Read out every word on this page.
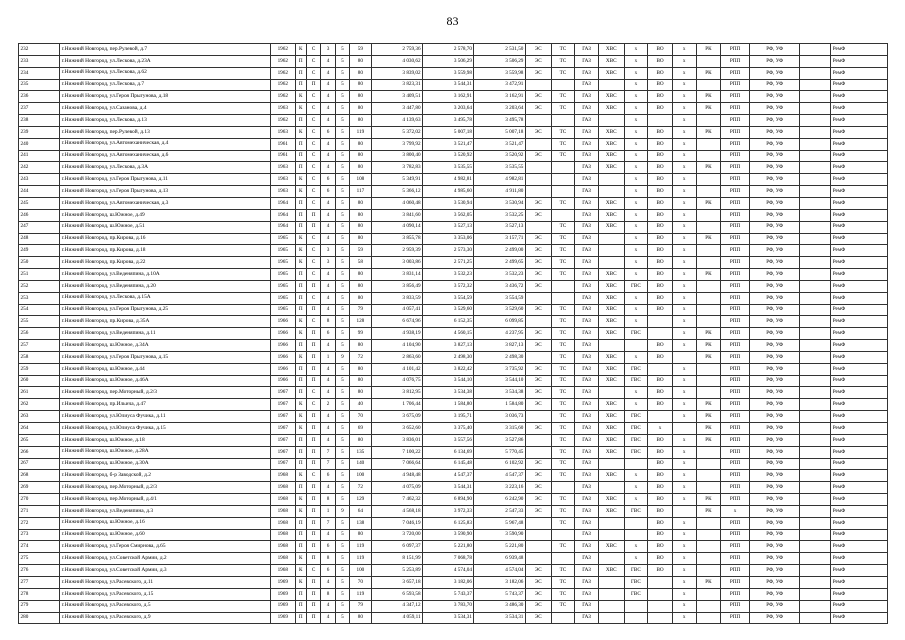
83
232	г.Нижний Новгород, пер.Рулевой, д.7	1962	К	С	3	5	59	2 759,36	2 578,70	2 531,50	ЭС	ТС	ГАЗ	ХВС	х	ВО	х	РК	РПП	РФ, УФ		РемФ
233	г.Нижний Новгород, ул.Лескова, д.23А	1962	П	С	4	5	80	4 030,62	3 506,29	3 506,29	ЭС	ТС	ГАЗ	ХВС	х	ВО	х		РПП	РФ, УФ		РемФ
234	г.Нижний Новгород, ул.Лескова, д.62	1962	П	С	4	5	80	3 839,02	3 559,98	3 559,98	ЭС	ТС	ГАЗ	ХВС	х	ВО	х	РК	РПП	РФ, УФ		РемФ
235	г.Нижний Новгород, ул.Лескова, д.7	1962	П	П	4	5	80	3 823,31	3 544,31	3 472,91			ГАЗ		х	ВО	х		РПП	РФ, УФ		РемФ
236	г.Нижний Новгород, ул.Героя Прыгунова, д.18	1962	К	С	4	5	80	3 409,51	3 162,91	3 162,91	ЭС	ТС	ГАЗ	ХВС	х	ВО	х	РК	РПП	РФ, УФ		РемФ
237	г.Нижний Новгород, ул.Сазанова, д.4	1963	К	С	4	5	80	3 447,80	3 203,64	3 203,64	ЭС	ТС	ГАЗ	ХВС	х	ВО	х	РК	РПП	РФ, УФ		РемФ
238	г.Нижний Новгород, ул.Лескова, д.13	1962	П	С	4	5	80	4 139,63	3 495,78	3 495,78			ГАЗ		х		х		РПП	РФ, УФ		РемФ
239	г.Нижний Новгород, пер.Рулевой, д.13	1963	К	С	6	5	119	5 372,02	5 007,18	5 007,18	ЭС	ТС	ГАЗ	ХВС	х	ВО	х	РК	РПП	РФ, УФ		РемФ
240	г.Нижний Новгород, ул.Автомеханическая, д.4	1961	П	С	4	5	80	3 799,92	3 521,47	3 521,47		ТС	ГАЗ	ХВС	х	ВО	х		РПП	РФ, УФ		РемФ
241	г.Нижний Новгород, ул.Автомеханическая, д.6	1961	П	С	4	5	80	3 800,40	3 520,92	3 520,92	ЭС	ТС	ГАЗ	ХВС	х	ВО	х		РПП	РФ, УФ		РемФ
242	г.Нижний Новгород, ул.Лескова, д.3А	1963	П	С	4	5	80	3 782,83	3 535,55	3 535,55			ГАЗ	ХВС	х	ВО	х	РК	РПП	РФ, УФ		РемФ
243	г.Нижний Новгород, ул.Героя Прыгунова, д.11	1963	К	С	6	5	108	5 349,91	4 982,81	4 982,81			ГАЗ		х	ВО	х		РПП	РФ, УФ		РемФ
244	г.Нижний Новгород, ул.Героя Прыгунова, д.13	1963	К	С	6	5	117	5 366,12	4 985,60	4 911,80			ГАЗ		х	ВО	х		РПП	РФ, УФ		РемФ
245	г.Нижний Новгород, ул.Автомеханическая, д.3	1964	П	С	4	5	80	4 060,48	3 530,94	3 530,94	ЭС	ТС	ГАЗ	ХВС	х	ВО	х	РК	РПП	РФ, УФ		РемФ
246	г.Нижний Новгород, ш.Южное, д.49	1964	П	П	4	5	80	3 841,60	3 562,05	3 532,25	ЭС		ГАЗ	ХВС	х	ВО	х		РПП	РФ, УФ		РемФ
247	г.Нижний Новгород, ш.Южное, д.51	1964	П	П	4	5	80	4 090,14	3 527,13	3 527,13		ТС	ГАЗ	ХВС	х	ВО	х		РПП	РФ, УФ		РемФ
248	г.Нижний Новгород, пр.Кирова, д.16	1965	К	С	4	5	80	3 855,78	3 353,06	3 157,71	ЭС	ТС	ГАЗ		х	ВО	х	РК	РПП	РФ, УФ		РемФ
249	г.Нижний Новгород, пр.Кирова, д.18	1965	К	С	3	5	59	2 959,39	2 573,30	2 499,00	ЭС	ТС	ГАЗ		х	ВО	х		РПП	РФ, УФ		РемФ
250	г.Нижний Новгород, пр.Кирова, д.22	1965	К	С	3	5	58	3 003,86	2 571,25	2 499,65	ЭС	ТС	ГАЗ		х	ВО	х		РПП	РФ, УФ		РемФ
251	г.Нижний Новгород, ул.Веденяпина, д.10А	1965	П	С	4	5	80	3 831,14	3 532,23	3 532,23	ЭС	ТС	ГАЗ	ХВС	х	ВО	х	РК	РПП	РФ, УФ		РемФ
252	г.Нижний Новгород, ул.Веденяпина, д.20	1965	П	П	4	5	80	3 856,49	3 572,32	3 436,72	ЭС		ГАЗ	ХВС	ГВС	ВО	х		РПП	РФ, УФ		РемФ
253	г.Нижний Новгород, ул.Лескова, д.15А	1965	П	С	4	5	80	3 833,59	3 554,59	3 554,59			ГАЗ	ХВС	х	ВО	х		РПП	РФ, УФ		РемФ
254	г.Нижний Новгород, ул.Героя Прыгунова, д.25	1965	П	П	4	5	79	4 057,41	3 529,60	3 529,60	ЭС	ТС	ГАЗ	ХВС	х	ВО	х		РПП	РФ, УФ		РемФ
255	г.Нижний Новгород, пр.Кирова, д.35А	1966	К	С	8	5	128	6 674,96	6 152,35	6 099,85		ТС	ГАЗ	ХВС	х		х		РПП	РФ, УФ		РемФ
256	г.Нижний Новгород, ул.Веденяпина, д.11	1966	К	П	6	5	99	4 938,19	4 560,15	4 237,95	ЭС	ТС	ГАЗ	ХВС	ГВС		х	РК	РПП	РФ, УФ		РемФ
257	г.Нижний Новгород, ш.Южное, д.34А	1966	П	П	4	5	80	4 104,90	3 827,13	3 827,13	ЭС	ТС	ГАЗ			ВО	х	РК	РПП	РФ, УФ		РемФ
258	г.Нижний Новгород, ул.Героя Прыгунова, д.15	1966	К	П	1	9	72	2 863,60	2 498,30	2 498,30		ТС	ГАЗ	ХВС	х	ВО		РК	РПП	РФ, УФ		РемФ
259	г.Нижний Новгород, ш.Южное, д.44	1966	П	П	4	5	80	4 101,42	3 822,42	3 735,92	ЭС	ТС	ГАЗ	ХВС	ГВС		х		РПП	РФ, УФ		РемФ
260	г.Нижний Новгород, ш.Южное, д.46А	1966	П	П	4	5	80	4 076,75	3 544,10	3 544,10	ЭС	ТС	ГАЗ	ХВС	ГВС	ВО	х		РПП	РФ, УФ		РемФ
261	г.Нижний Новгород, пер.Моторный, д.2/3	1967	П	С	4	5	80	3 812,95	3 534,38	3 534,38	ЭС	ТС	ГАЗ		х	ВО	х		РПП	РФ, УФ		РемФ
262	г.Нижний Новгород, пр.Ильича, д.47	1967	К	С	2	5	40	1 706,44	1 584,80	1 584,80	ЭС	ТС	ГАЗ	ХВС	х	ВО	х	РК	РПП	РФ, УФ		РемФ
263	г.Нижний Новгород, ул.Юлиуса Фучика, д.11	1967	К	П	4	5	70	3 675,09	3 195,71	3 036,73		ТС	ГАЗ	ХВС	ГВС		х	РК	РПП	РФ, УФ		РемФ
264	г.Нижний Новгород, ул.Юлиуса Фучика, д.15	1967	К	П	4	5	69	3 652,60	3 375,40	3 315,60	ЭС	ТС	ГАЗ	ХВС	ГВС	х		РК	РПП	РФ, УФ		РемФ
265	г.Нижний Новгород, ш.Южное, д.18	1967	П	П	4	5	80	3 836,01	3 557,56	3 527,86		ТС	ГАЗ	ХВС	ГВС	ВО	х	РК	РПП	РФ, УФ		РемФ
266	г.Нижний Новгород, ш.Южное, д.28А	1967	П	П	7	5	135	7 100,22	6 134,69	5 770,45		ТС	ГАЗ	ХВС	ГВС	ВО	х		РПП	РФ, УФ		РемФ
267	г.Нижний Новгород, ш.Южное, д.30А	1967	П	П	7	5	140	7 066,64	6 145,48	6 102,92	ЭС	ТС	ГАЗ			ВО	х		РПП	РФ, УФ		РемФ
268	г.Нижний Новгород, б-р Заводской, д.2	1968	К	С	6	5	100	4 948,48	4 547,37	4 547,37	ЭС	ТС	ГАЗ	ХВС	х	ВО	х		РПП	РФ, УФ		РемФ
269	г.Нижний Новгород, пер.Моторный, д.2/3	1968	П	П	4	5	72	4 075,09	3 544,31	3 223,16	ЭС		ГАЗ		х	ВО	х		РПП	РФ, УФ		РемФ
270	г.Нижний Новгород, пер.Моторный, д.4/1	1968	К	П	8	5	129	7 462,32	6 894,90	6 242,90	ЭС	ТС	ГАЗ	ХВС	х	ВО	х	РК	РПП	РФ, УФ		РемФ
271	г.Нижний Новгород, ул.Веденяпина, д.3	1968	К	П	1	9	64	4 568,18	3 972,33	2 547,33	ЭС	ТС	ГАЗ	ХВС	ГВС	ВО		РК	х	РФ, УФ		РемФ
272	г.Нижний Новгород, ш.Южное, д.16	1968	П	П	7	5	138	7 046,19	6 125,83	5 967,48		ТС	ГАЗ			ВО	х		РПП	РФ, УФ		РемФ
273	г.Нижний Новгород, ш.Южное, д.60	1968	П	П	4	5	80	3 720,00	3 590,90	3 590,90			ГАЗ			ВО	х		РПП	РФ, УФ		РемФ
274	г.Нижний Новгород, ул.Героя Смирнова, д.65	1968	П	П	6	5	119	6 097,37	5 221,80	5 221,80		ТС	ГАЗ	ХВС	х	ВО	х		РПП	РФ, УФ		РемФ
275	г.Нижний Новгород, ул.Советской Армии, д.2	1968	К	П	8	5	119	8 151,99	7 068,78	6 939,48			ГАЗ		х	ВО	х		РПП	РФ, УФ		РемФ
276	г.Нижний Новгород, ул.Советской Армии, д.3	1968	К	С	6	5	100	5 253,89	4 574,04	4 574,04	ЭС	ТС	ГАЗ	ХВС	ГВС	ВО	х		РПП	РФ, УФ		РемФ
277	г.Нижний Новгород, ул.Расевского, д.11	1969	К	П	4	5	70	3 657,18	3 182,06	3 182,06	ЭС	ТС	ГАЗ		ГВС		х	РК	РПП	РФ, УФ		РемФ
278	г.Нижний Новгород, ул.Расевского, д.15	1969	П	П	8	5	119	6 593,58	5 743,37	5 743,37	ЭС	ТС	ГАЗ		ГВС		х		РПП	РФ, УФ		РемФ
279	г.Нижний Новгород, ул.Расевского, д.5	1969	П	П	4	5	79	4 347,12	3 783,70	3 486,30	ЭС	ТС	ГАЗ				х		РПП	РФ, УФ		РемФ
280	г.Нижний Новгород, ул.Расевского, д.9	1969	П	П	4	5	80	4 059,11	3 534,31	3 534,31	ЭС		ГАЗ				х		РПП	РФ, УФ		РемФ
